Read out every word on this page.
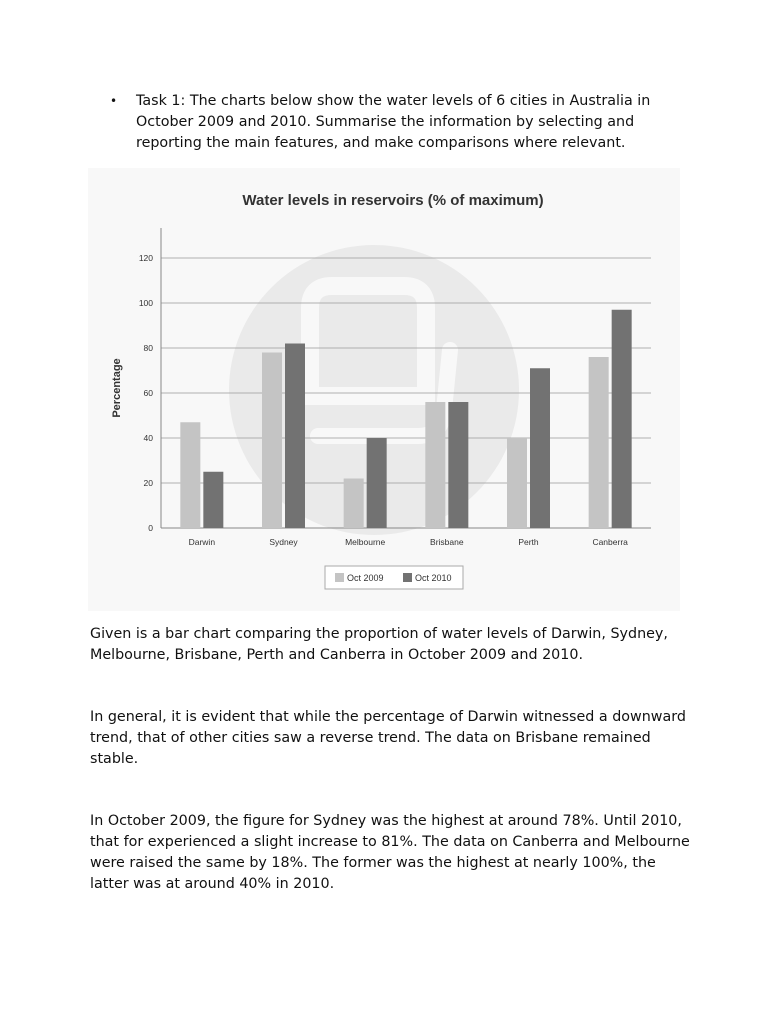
• Task 1: The charts below show the water levels of 6 cities in Australia in October 2009 and 2010. Summarise the information by selecting and reporting the main features, and make comparisons where relevant.
Water levels in reservoirs (% of maximum)
Percentage
0
20
40
60
80
100
120
Darwin	Sydney	Melbourne	Brisbane	Perth	Canberra
Oct 2009	Oct 2010

Given is a bar chart comparing the proportion of water levels of Darwin, Sydney, Melbourne, Brisbane, Perth and Canberra in October 2009 and 2010.

In general, it is evident that while the percentage of Darwin witnessed a downward trend, that of other cities saw a reverse trend. The data on Brisbane remained stable.

In October 2009, the figure for Sydney was the highest at around 78%. Until 2010, that for experienced a slight increase to 81%. The data on Canberra and Melbourne were raised the same by 18%. The former was the highest at nearly 100%, the latter was at around 40% in 2010.
